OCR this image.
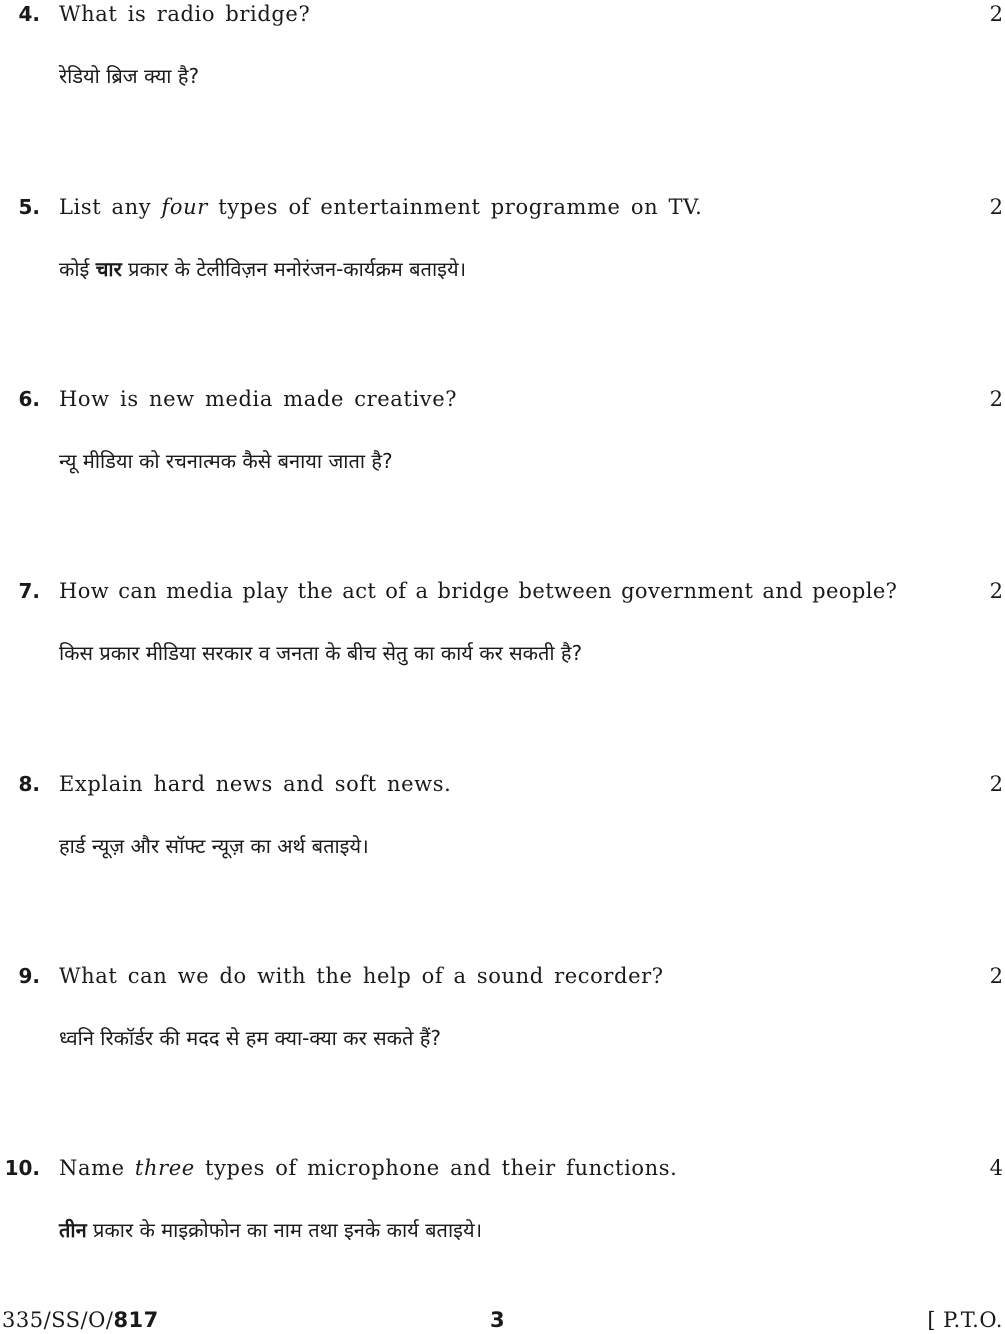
4. What is radio bridge?	2
रेडियो ब्रिज क्या है?
5. List any four types of entertainment programme on TV.	2
कोई चार प्रकार के टेलीविज़न मनोरंजन-कार्यक्रम बताइये।
6. How is new media made creative?	2
न्यू मीडिया को रचनात्मक कैसे बनाया जाता है?
7. How can media play the act of a bridge between government and people?	2
किस प्रकार मीडिया सरकार व जनता के बीच सेतु का कार्य कर सकती है?
8. Explain hard news and soft news.	2
हार्ड न्यूज़ और सॉफ्ट न्यूज़ का अर्थ बताइये।
9. What can we do with the help of a sound recorder?	2
ध्वनि रिकॉर्डर की मदद से हम क्या-क्या कर सकते हैं?
10. Name three types of microphone and their functions.	4
तीन प्रकार के माइक्रोफोन का नाम तथा इनके कार्य बताइये।
335/SS/O/817	3	[ P.T.O.
